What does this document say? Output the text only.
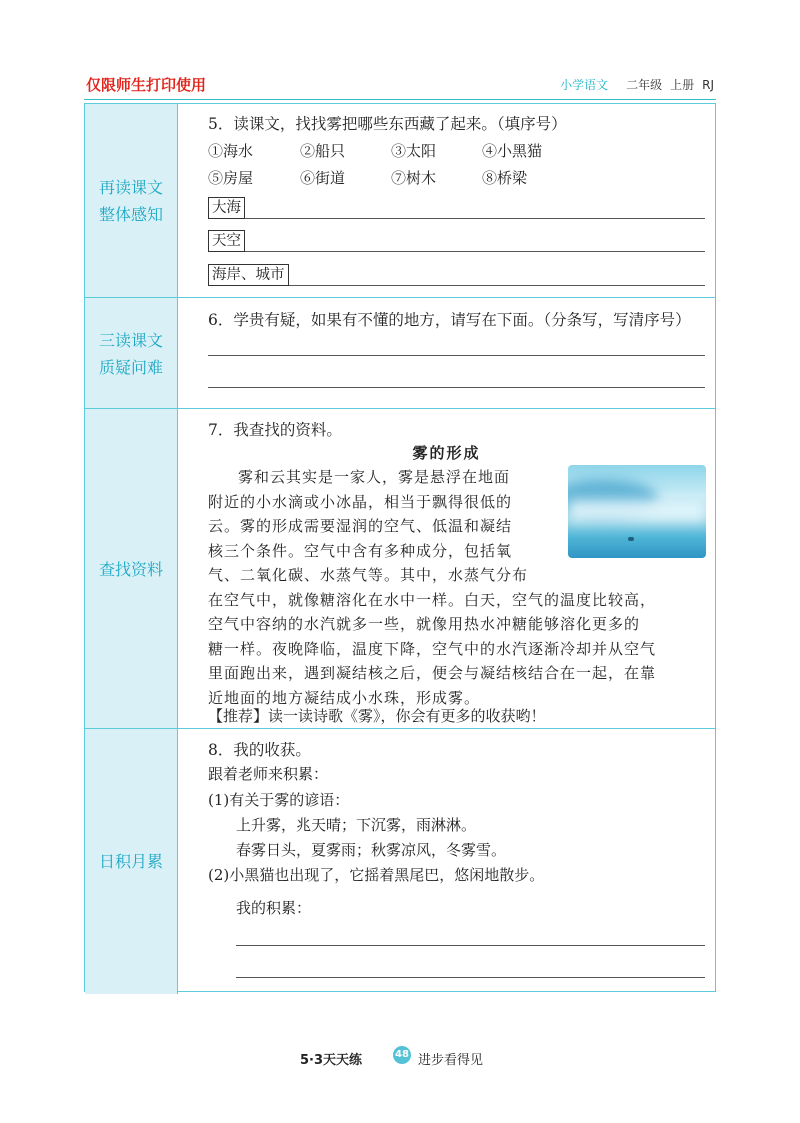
仅限师生打印使用	小学语文 二年级 上册 RJ
再读课文
整体感知
5．读课文，找找雾把哪些东西藏了起来。（填序号）
①海水	②船只	③太阳	④小黑猫
⑤房屋	⑥街道	⑦树木	⑧桥梁
大海
天空
海岸、城市
三读课文
质疑问难
6．学贵有疑，如果有不懂的地方，请写在下面。（分条写，写清序号）
查找资料
7．我查找的资料。
雾的形成
雾和云其实是一家人，雾是悬浮在地面
附近的小水滴或小冰晶，相当于飘得很低的
云。雾的形成需要湿润的空气、低温和凝结
核三个条件。空气中含有多种成分，包括氧
气、二氧化碳、水蒸气等。其中，水蒸气分布
在空气中，就像糖溶化在水中一样。白天，空气的温度比较高，
空气中容纳的水汽就多一些，就像用热水冲糖能够溶化更多的
糖一样。夜晚降临，温度下降，空气中的水汽逐渐冷却并从空气
里面跑出来，遇到凝结核之后，便会与凝结核结合在一起，在靠
近地面的地方凝结成小水珠，形成雾。
【推荐】读一读诗歌《雾》，你会有更多的收获哟！
日积月累
8．我的收获。
跟着老师来积累：
(1)有关于雾的谚语：
上升雾，兆天晴；下沉雾，雨淋淋。
春雾日头，夏雾雨；秋雾凉风，冬雾雪。
(2)小黑猫也出现了，它摇着黑尾巴，悠闲地散步。
我的积累：
5·3天天练	48 进步看得见
